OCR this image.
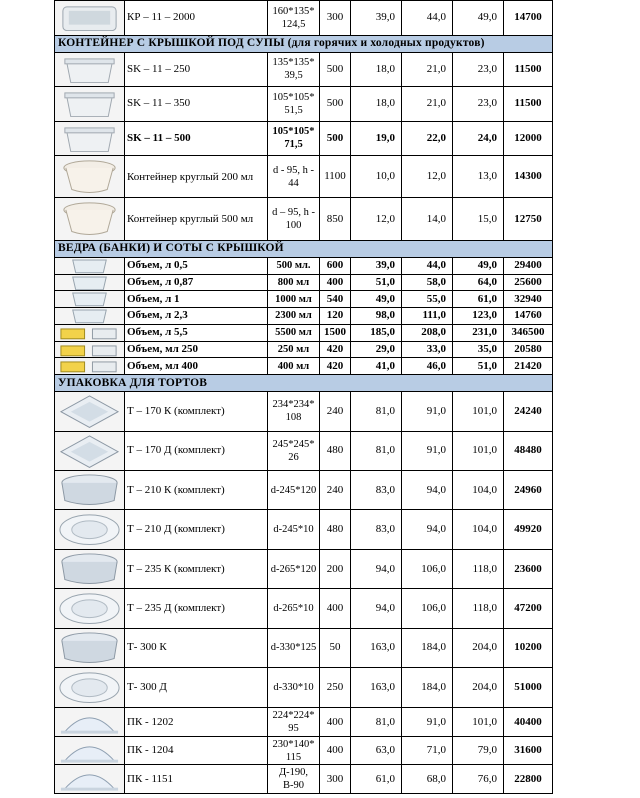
	КР – 11 – 2000	160*135* 124,5	300	39,0	44,0	49,0	14700
КОНТЕЙНЕР С КРЫШКОЙ ПОД СУПЫ (для горячих и холодных продуктов)							

	SK – 11 – 250	135*135* 39,5	500	18,0	21,0	23,0	11500

	SK – 11 – 350	105*105* 51,5	500	18,0	21,0	23,0	11500

	SK – 11 – 500	105*105* 71,5	500	19,0	22,0	24,0	12000

	Контейнер круглый 200 мл	d - 95, h - 44	1100	10,0	12,0	13,0	14300

	Контейнер круглый 500 мл	d – 95, h - 100	850	12,0	14,0	15,0	12750
ВЕДРА (БАНКИ) И СОТЫ С КРЫШКОЙ							

	Объем, л 0,5	500 мл.	600	39,0	44,0	49,0	29400

	Объем, л 0,87	800 мл	400	51,0	58,0	64,0	25600

	Объем, л 1	1000 мл	540	49,0	55,0	61,0	32940

	Объем, л 2,3	2300 мл	120	98,0	111,0	123,0	14760

	Объем, л 5,5	5500 мл	1500	185,0	208,0	231,0	346500

	Объем, мл 250	250 мл	420	29,0	33,0	35,0	20580

	Объем, мл 400	400 мл	420	41,0	46,0	51,0	21420
УПАКОВКА ДЛЯ ТОРТОВ							

	Т – 170 К (комплект)	234*234* 108	240	81,0	91,0	101,0	24240

	Т – 170 Д (комплект)	245*245* 26	480	81,0	91,0	101,0	48480

	Т – 210 К (комплект)	d-245*120	240	83,0	94,0	104,0	24960

	Т – 210 Д (комплект)	d-245*10	480	83,0	94,0	104,0	49920

	Т – 235 К (комплект)	d-265*120	200	94,0	106,0	118,0	23600

	Т – 235 Д (комплект)	d-265*10	400	94,0	106,0	118,0	47200

	Т- 300 К	d-330*125	50	163,0	184,0	204,0	10200

	Т- 300 Д	d-330*10	250	163,0	184,0	204,0	51000

	ПК - 1202	224*224* 95	400	81,0	91,0	101,0	40400

	ПК - 1204	230*140* 115	400	63,0	71,0	79,0	31600

	ПК - 1151	Д-190, В-90	300	61,0	68,0	76,0	22800
